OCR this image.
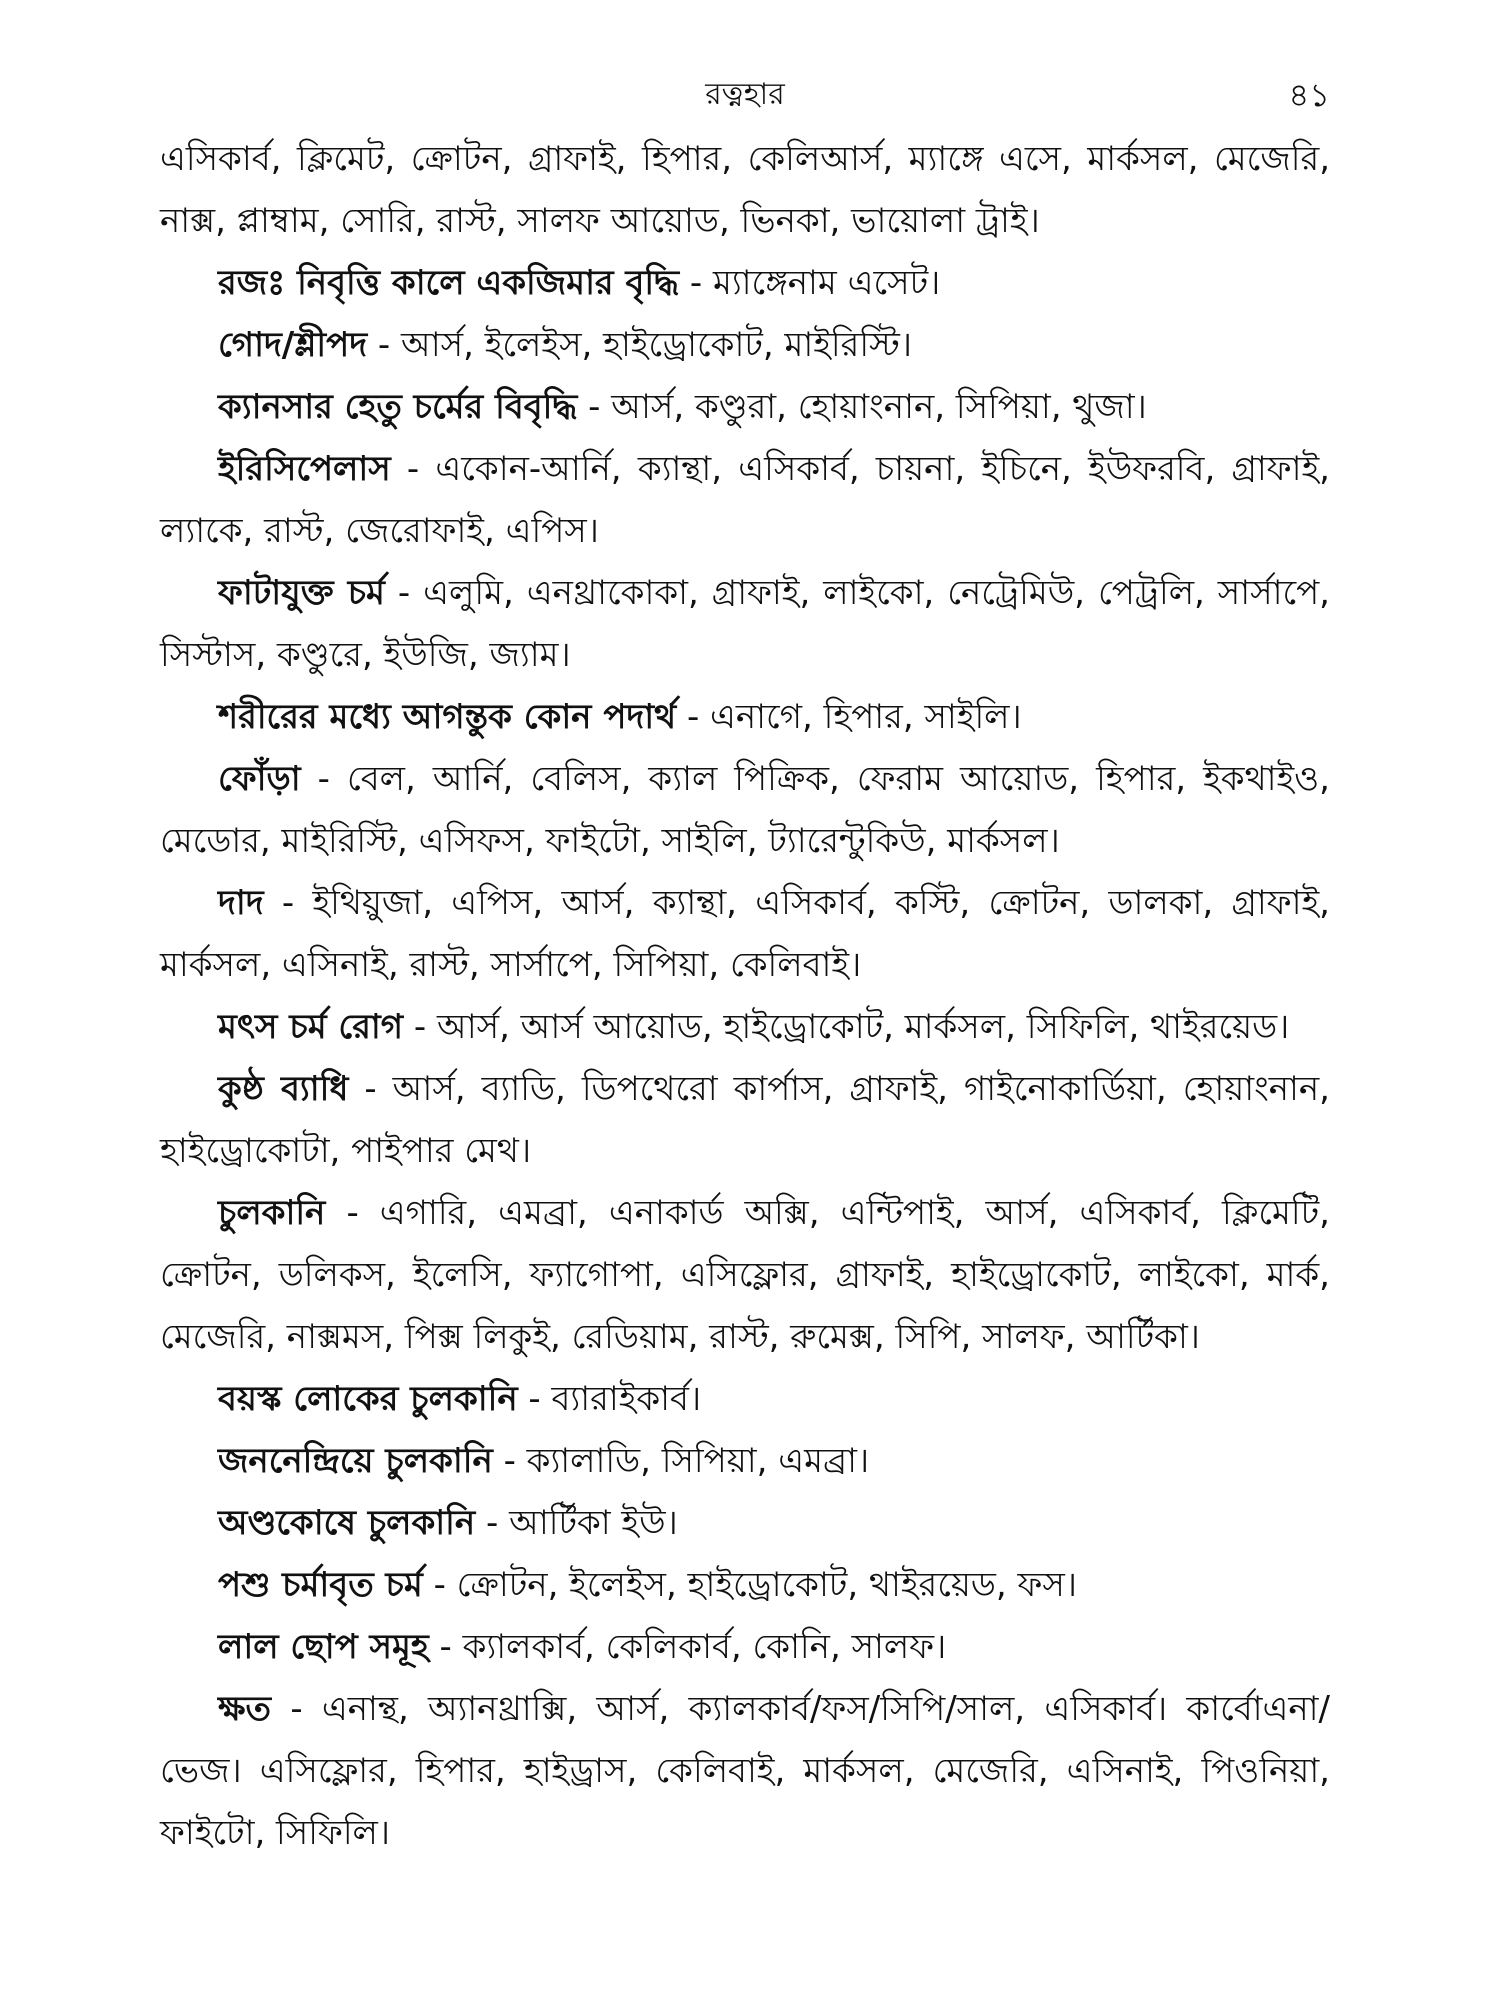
রত্নহার	৪১

এসিকার্ব, ক্লিমেট, ক্রোটন, গ্রাফাই, হিপার, কেলিআর্স, ম্যাঙ্গে এসে, মার্কসল, মেজেরি, নাক্স, প্লাম্বাম, সোরি, রাস্ট, সালফ আয়োড, ভিনকা, ভায়োলা ট্রাই।

রজঃ নিবৃত্তি কালে একজিমার বৃদ্ধি - ম্যাঙ্গেনাম এসেট।

গোদ/শ্লীপদ - আর্স, ইলেইস, হাইড্রোকোট, মাইরিস্টি।

ক্যানসার হেতু চর্মের বিবৃদ্ধি - আর্স, কণ্ডুরা, হোয়াংনান, সিপিয়া, থুজা।

ইরিসিপেলাস - একোন-আর্নি, ক্যান্থা, এসিকার্ব, চায়না, ইচিনে, ইউফরবি, গ্রাফাই, ল্যাকে, রাস্ট, জেরোফাই, এপিস।

ফাটাযুক্ত চর্ম - এলুমি, এনথ্রাকোকা, গ্রাফাই, লাইকো, নেট্রেমিউ, পেট্রলি, সার্সাপে, সিস্টাস, কণ্ডুরে, ইউজি, জ্যাম।

শরীরের মধ্যে আগন্তুক কোন পদার্থ - এনাগে, হিপার, সাইলি।

ফোঁড়া - বেল, আর্নি, বেলিস, ক্যাল পিক্রিক, ফেরাম আয়োড, হিপার, ইকথাইও, মেডোর, মাইরিস্টি, এসিফস, ফাইটো, সাইলি, ট্যারেন্টুকিউ, মার্কসল।

দাদ - ইথিয়ুজা, এপিস, আর্স, ক্যান্থা, এসিকার্ব, কস্টি, ক্রোটন, ডালকা, গ্রাফাই, মার্কসল, এসিনাই, রাস্ট, সার্সাপে, সিপিয়া, কেলিবাই।

মৎস চর্ম রোগ - আর্স, আর্স আয়োড, হাইড্রোকোট, মার্কসল, সিফিলি, থাইরয়েড।

কুষ্ঠ ব্যাধি - আর্স, ব্যাডি, ডিপথেরো কার্পাস, গ্রাফাই, গাইনোকার্ডিয়া, হোয়াংনান, হাইড্রোকোটা, পাইপার মেথ।

চুলকানি - এগারি, এমব্রা, এনাকার্ড অক্সি, এন্টিপাই, আর্স, এসিকার্ব, ক্লিমেটি, ক্রোটন, ডলিকস, ইলেসি, ফ্যাগোপা, এসিফ্লোর, গ্রাফাই, হাইড্রোকোট, লাইকো, মার্ক, মেজেরি, নাক্সমস, পিক্স লিকুই, রেডিয়াম, রাস্ট, রুমেক্স, সিপি, সালফ, আর্টিকা।

বয়স্ক লোকের চুলকানি - ব্যারাইকার্ব।

জননেন্দ্রিয়ে চুলকানি - ক্যালাডি, সিপিয়া, এমব্রা।

অণ্ডকোষে চুলকানি - আর্টিকা ইউ।

পশু চর্মাবৃত চর্ম - ক্রোটন, ইলেইস, হাইড্রোকোট, থাইরয়েড, ফস।

লাল ছোপ সমূহ - ক্যালকার্ব, কেলিকার্ব, কোনি, সালফ।

ক্ষত - এনান্থ, অ্যানথ্রাক্সি, আর্স, ক্যালকার্ব/ফস/সিপি/সাল, এসিকার্ব। কার্বোএনা/ভেজ। এসিফ্লোর, হিপার, হাইড্রাস, কেলিবাই, মার্কসল, মেজেরি, এসিনাই, পিওনিয়া, ফাইটো, সিফিলি।
